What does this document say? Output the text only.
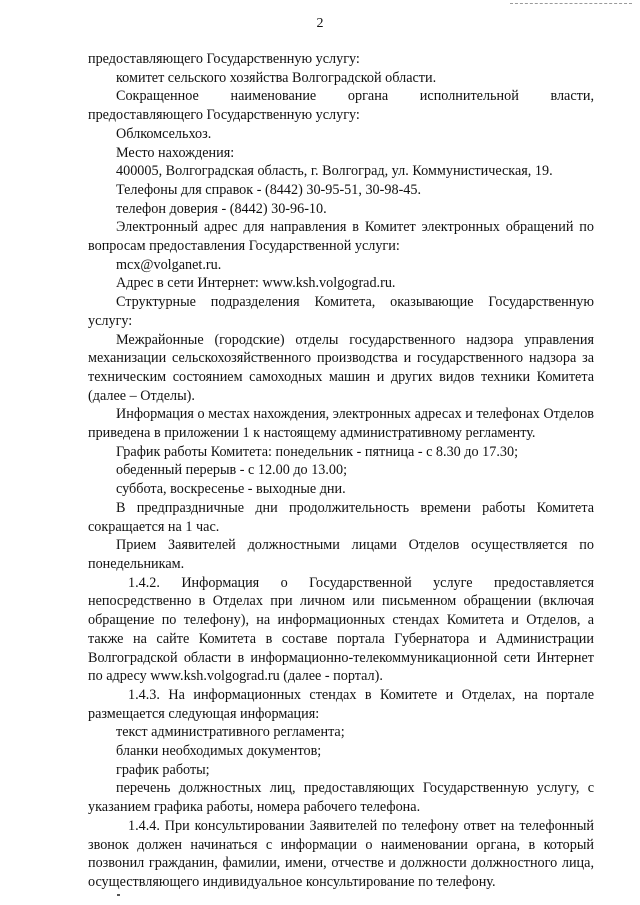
2

предоставляющего Государственную услугу:

комитет сельского хозяйства Волгоградской области.

Сокращенное наименование органа исполнительной власти, предоставляющего Государственную услугу:

Облкомсельхоз.

Место нахождения:

400005, Волгоградская область, г. Волгоград, ул. Коммунистическая, 19.

Телефоны для справок - (8442) 30-95-51, 30-98-45.

телефон доверия - (8442) 30-96-10.

Электронный адрес для направления в Комитет электронных обращений по вопросам предоставления Государственной услуги:

mcx@volganet.ru.

Адрес в сети Интернет: www.ksh.volgograd.ru.

Структурные подразделения Комитета, оказывающие Государственную услугу:

Межрайонные (городские) отделы государственного надзора управления механизации сельскохозяйственного производства и государственного надзора за техническим состоянием самоходных машин и других видов техники Комитета (далее – Отделы).

Информация о местах нахождения, электронных адресах и телефонах Отделов приведена в приложении 1 к настоящему административному регламенту.

График работы Комитета: понедельник - пятница - с 8.30 до 17.30;

обеденный перерыв - с 12.00 до 13.00;

суббота, воскресенье - выходные дни.

В предпраздничные дни продолжительность времени работы Комитета сокращается на 1 час.

Прием Заявителей должностными лицами Отделов осуществляется по понедельникам.

1.4.2. Информация о Государственной услуге предоставляется непосредственно в Отделах при личном или письменном обращении (включая обращение по телефону), на информационных стендах Комитета и Отделов, а также на сайте Комитета в составе портала Губернатора и Администрации Волгоградской области в информационно-телекоммуникационной сети Интернет по адресу www.ksh.volgograd.ru (далее - портал).

1.4.3. На информационных стендах в Комитете и Отделах, на портале размещается следующая информация:

текст административного регламента;

бланки необходимых документов;

график работы;

перечень должностных лиц, предоставляющих Государственную услугу, с указанием графика работы, номера рабочего телефона.

1.4.4. При консультировании Заявителей по телефону ответ на телефонный звонок должен начинаться с информации о наименовании органа, в который позвонил гражданин, фамилии, имени, отчестве и должности должностного лица, осуществляющего индивидуальное консультирование по телефону.
